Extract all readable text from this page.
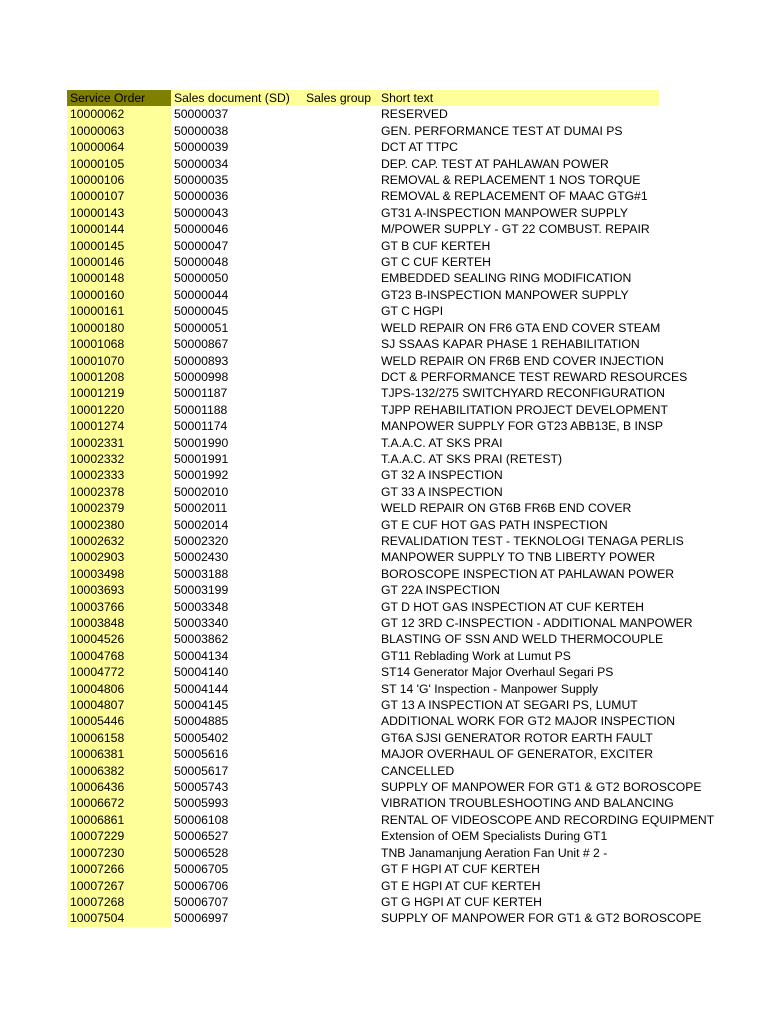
Service Order	Sales document (SD)	Sales group	Short text
10000062	50000037		RESERVED
10000063	50000038		GEN. PERFORMANCE TEST AT DUMAI PS
10000064	50000039		DCT AT TTPC
10000105	50000034		DEP. CAP. TEST AT PAHLAWAN POWER
10000106	50000035		REMOVAL & REPLACEMENT 1 NOS TORQUE
10000107	50000036		REMOVAL & REPLACEMENT OF MAAC GTG#1
10000143	50000043		GT31 A-INSPECTION MANPOWER SUPPLY
10000144	50000046		M/POWER SUPPLY - GT 22 COMBUST. REPAIR
10000145	50000047		GT B CUF KERTEH
10000146	50000048		GT C CUF KERTEH
10000148	50000050		EMBEDDED SEALING RING MODIFICATION
10000160	50000044		GT23 B-INSPECTION MANPOWER SUPPLY
10000161	50000045		GT C HGPI
10000180	50000051		WELD REPAIR ON FR6 GTA END COVER STEAM
10001068	50000867		SJ SSAAS KAPAR PHASE 1 REHABILITATION
10001070	50000893		WELD REPAIR ON FR6B END COVER INJECTION
10001208	50000998		DCT & PERFORMANCE TEST REWARD RESOURCES
10001219	50001187		TJPS-132/275 SWITCHYARD RECONFIGURATION
10001220	50001188		TJPP REHABILITATION PROJECT DEVELOPMENT
10001274	50001174		MANPOWER SUPPLY FOR GT23 ABB13E, B INSP
10002331	50001990		T.A.A.C. AT SKS PRAI
10002332	50001991		T.A.A.C. AT SKS PRAI (RETEST)
10002333	50001992		GT 32 A INSPECTION
10002378	50002010		GT 33 A INSPECTION
10002379	50002011		WELD REPAIR ON GT6B FR6B END COVER
10002380	50002014		GT E CUF HOT GAS PATH INSPECTION
10002632	50002320		REVALIDATION TEST - TEKNOLOGI TENAGA PERLIS
10002903	50002430		MANPOWER SUPPLY TO TNB LIBERTY POWER
10003498	50003188		BOROSCOPE INSPECTION AT PAHLAWAN POWER
10003693	50003199		GT 22A INSPECTION
10003766	50003348		GT D HOT GAS INSPECTION AT CUF KERTEH
10003848	50003340		GT 12 3RD C-INSPECTION - ADDITIONAL MANPOWER
10004526	50003862		BLASTING OF SSN AND WELD THERMOCOUPLE
10004768	50004134		GT11 Reblading Work at Lumut PS
10004772	50004140		ST14 Generator Major Overhaul Segari PS
10004806	50004144		ST 14 'G' Inspection - Manpower Supply
10004807	50004145		GT 13 A INSPECTION AT SEGARI PS, LUMUT
10005446	50004885		ADDITIONAL WORK FOR GT2 MAJOR INSPECTION
10006158	50005402		GT6A SJSI GENERATOR ROTOR EARTH FAULT
10006381	50005616		MAJOR OVERHAUL OF GENERATOR, EXCITER
10006382	50005617		CANCELLED
10006436	50005743		SUPPLY OF MANPOWER FOR GT1 & GT2 BOROSCOPE
10006672	50005993		VIBRATION TROUBLESHOOTING AND BALANCING
10006861	50006108		RENTAL OF VIDEOSCOPE AND RECORDING EQUIPMENT
10007229	50006527		Extension of OEM Specialists During GT1
10007230	50006528		TNB Janamanjung Aeration Fan Unit # 2 -
10007266	50006705		GT F HGPI AT CUF KERTEH
10007267	50006706		GT E HGPI AT CUF KERTEH
10007268	50006707		GT G HGPI AT CUF KERTEH
10007504	50006997		SUPPLY OF MANPOWER FOR GT1 & GT2 BOROSCOPE
